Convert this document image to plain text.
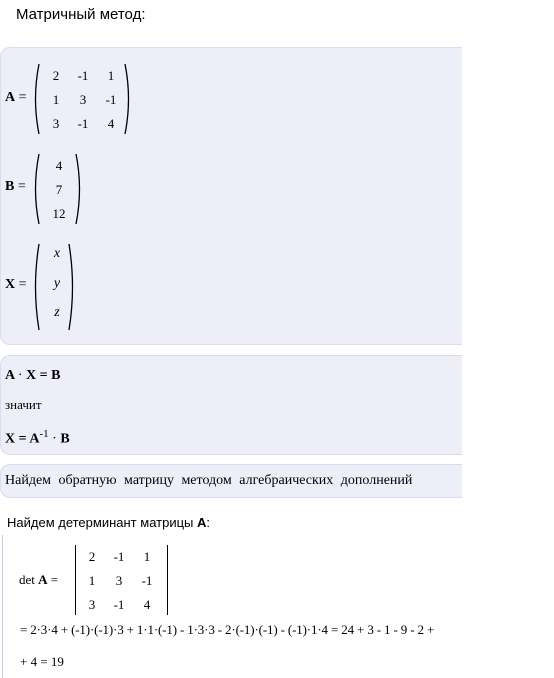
Матричный метод:
A =
2	-1	1
1	3	-1
3	-1	4
B =
4
7
12
X =
x
y
z
A · X = B
значит
$X = A^{-1} \cdot B$
Найдем обратную матрицу методом алгебраических дополнений
Найдем детерминант матрицы A:
det A =
2	-1	1
1	3	-1
3	-1	4
= 2·3·4 + (-1)·(-1)·3 + 1·1·(-1) - 1·3·3 - 2·(-1)·(-1) - (-1)·1·4 = 24 + 3 - 1 - 9 - 2 +
+ 4 = 19
